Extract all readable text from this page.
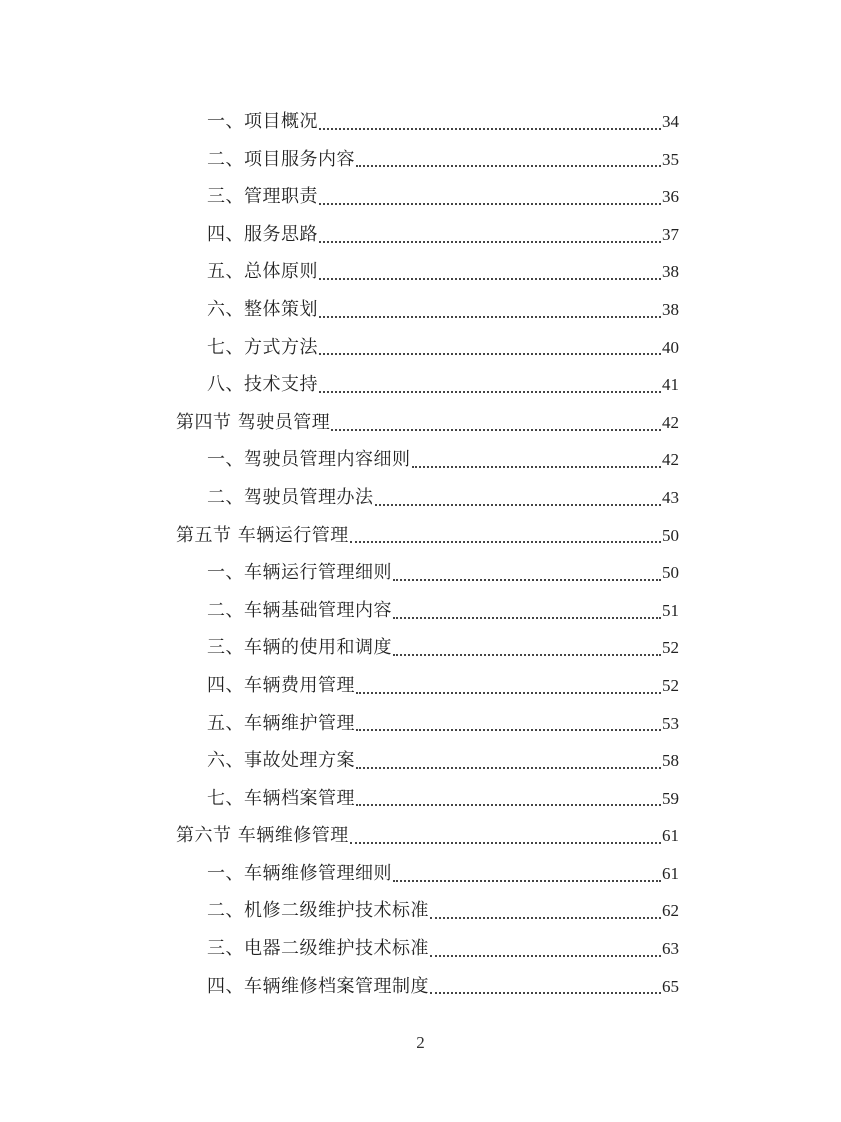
一、项目概况	34
二、项目服务内容	35
三、管理职责	36
四、服务思路	37
五、总体原则	38
六、整体策划	38
七、方式方法	40
八、技术支持	41
第四节 驾驶员管理	42
一、驾驶员管理内容细则	42
二、驾驶员管理办法	43
第五节 车辆运行管理	50
一、车辆运行管理细则	50
二、车辆基础管理内容	51
三、车辆的使用和调度	52
四、车辆费用管理	52
五、车辆维护管理	53
六、事故处理方案	58
七、车辆档案管理	59
第六节 车辆维修管理	61
一、车辆维修管理细则	61
二、机修二级维护技术标准	62
三、电器二级维护技术标准	63
四、车辆维修档案管理制度	65
2
